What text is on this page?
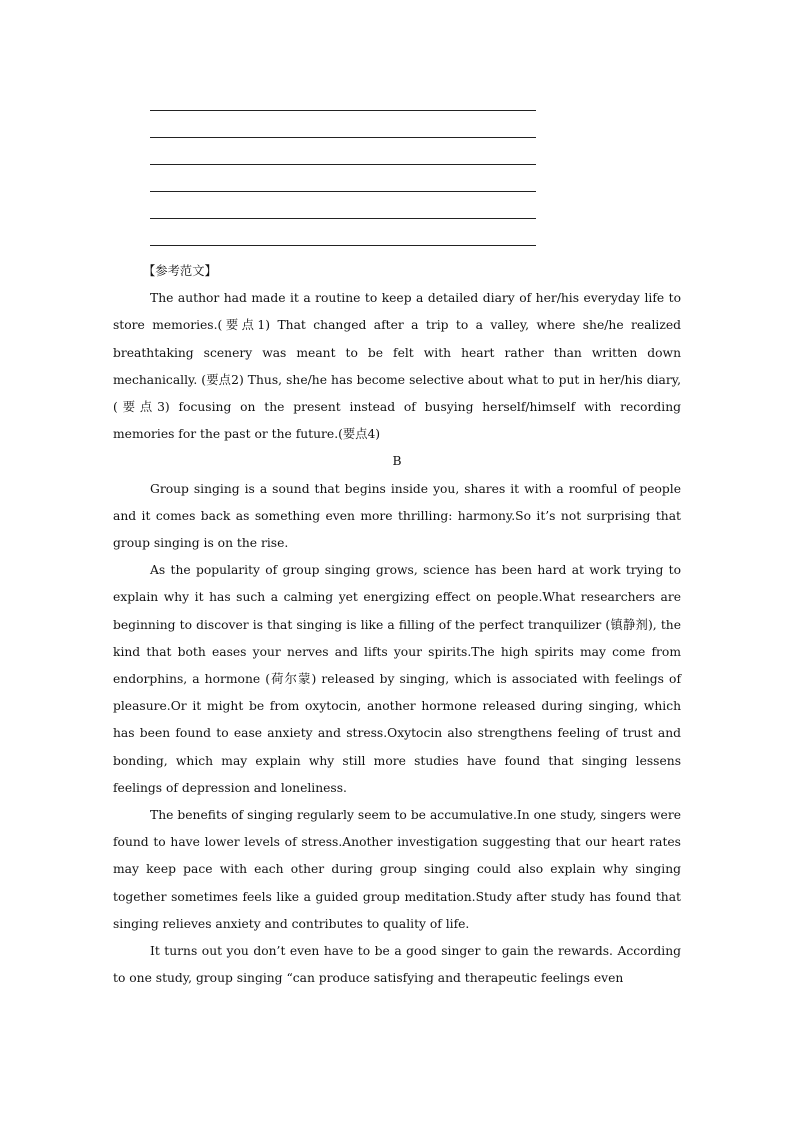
【参考范文】

The author had made it a routine to keep a detailed diary of her/his everyday life to store memories.(要点1) That changed after a trip to a valley, where she/he realized breathtaking scenery was meant to be felt with heart rather than written down mechanically. (要点2) Thus, she/he has become selective about what to put in her/his diary, (要点3) focusing on the present instead of busying herself/himself with recording memories for the past or the future.(要点4)

B

Group singing is a sound that begins inside you, shares it with a roomful of people and it comes back as something even more thrilling: harmony.So it’s not surprising that group singing is on the rise.

As the popularity of group singing grows, science has been hard at work trying to explain why it has such a calming yet energizing effect on people.What researchers are beginning to discover is that singing is like a filling of the perfect tranquilizer (镇静剂), the kind that both eases your nerves and lifts your spirits.The high spirits may come from endorphins, a hormone (荷尔蒙) released by singing, which is associated with feelings of pleasure.Or it might be from oxytocin, another hormone released during singing, which has been found to ease anxiety and stress.Oxytocin also strengthens feeling of trust and bonding, which may explain why still more studies have found that singing lessens feelings of depression and loneliness.

The benefits of singing regularly seem to be accumulative.In one study, singers were found to have lower levels of stress.Another investigation suggesting that our heart rates may keep pace with each other during group singing could also explain why singing together sometimes feels like a guided group meditation.Study after study has found that singing relieves anxiety and contributes to quality of life.

It turns out you don’t even have to be a good singer to gain the rewards. According to one study, group singing “can produce satisfying and therapeutic feelings even
